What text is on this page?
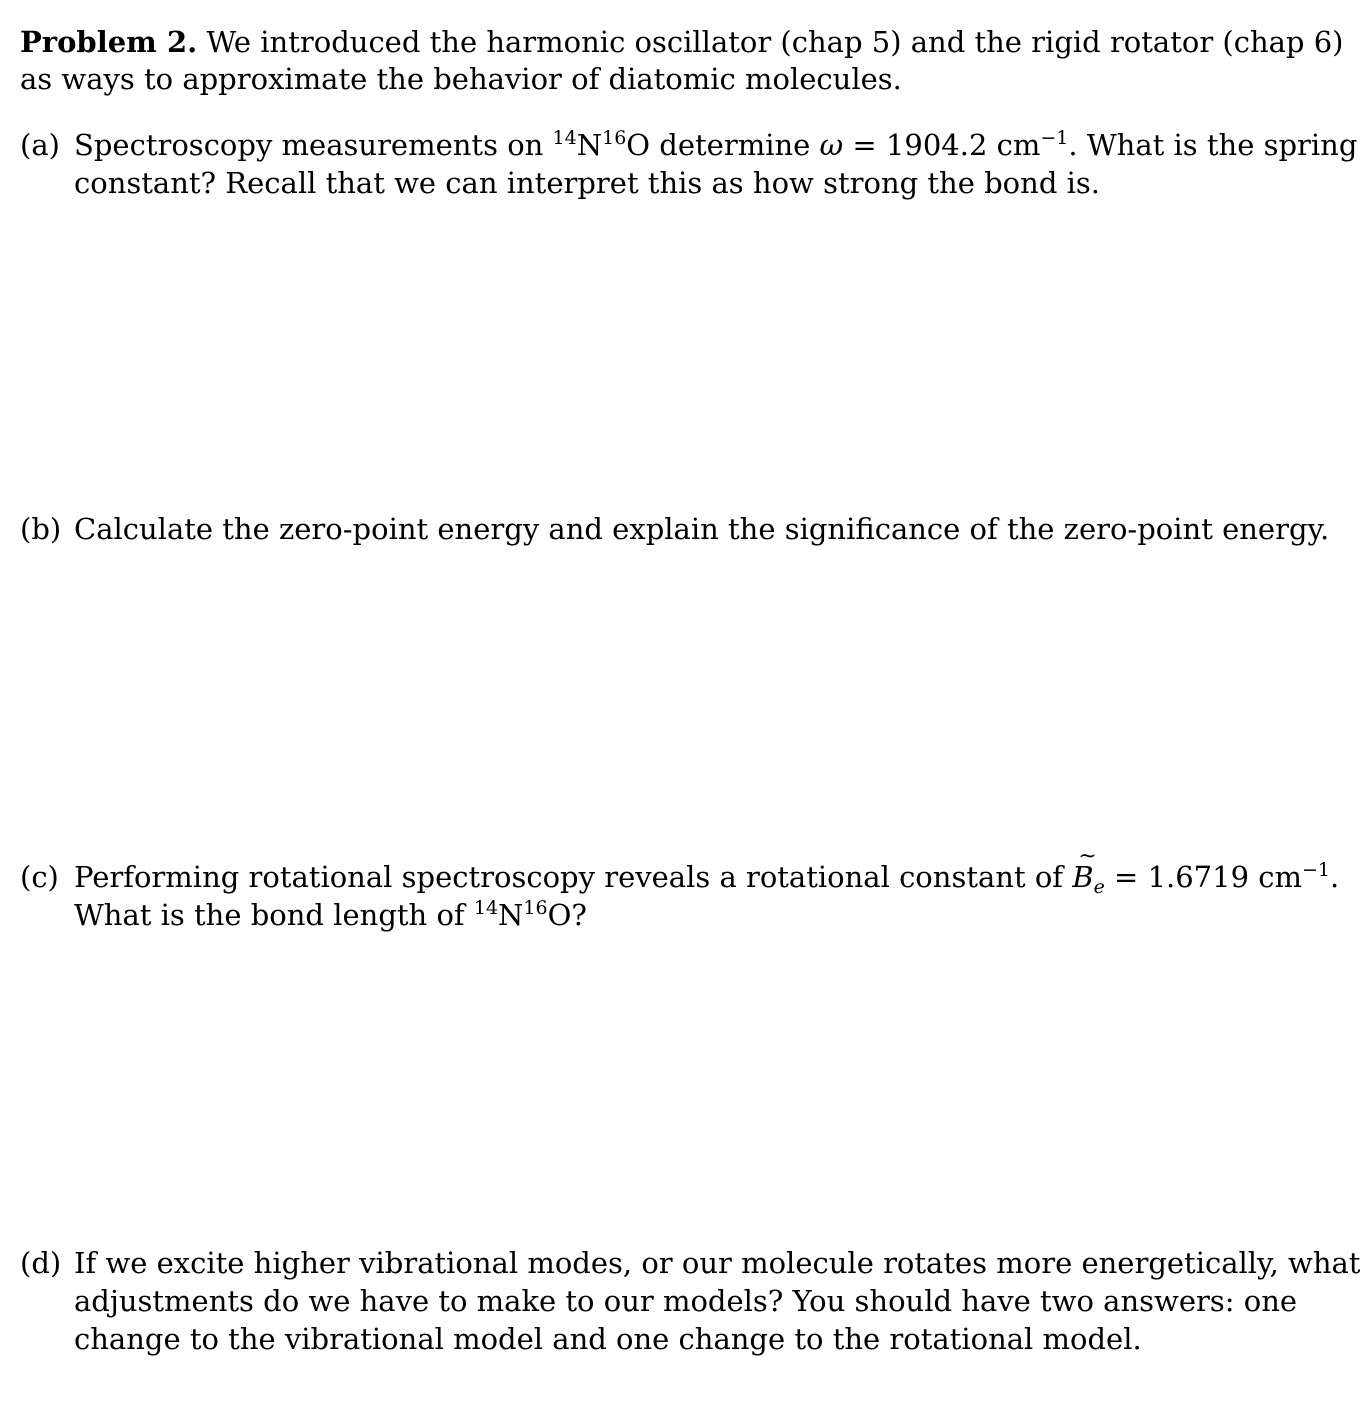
Problem 2. We introduced the harmonic oscillator (chap 5) and the rigid rotator (chap 6)
as ways to approximate the behavior of diatomic molecules.
(a) Spectroscopy measurements on $^{14}N^{16}O$ determine ω = 1904.2 $cm^{-1}$. What is the spring
constant? Recall that we can interpret this as how strong the bond is.
(b) Calculate the zero-point energy and explain the significance of the zero-point energy.
(c) Performing rotational spectroscopy reveals a rotational constant of
~
$B_e = 1.6719$ $cm^{-1}$.
What is the bond length of $^{14}N^{16}O$?
(d) If we excite higher vibrational modes, or our molecule rotates more energetically, what
adjustments do we have to make to our models? You should have two answers: one
change to the vibrational model and one change to the rotational model.
